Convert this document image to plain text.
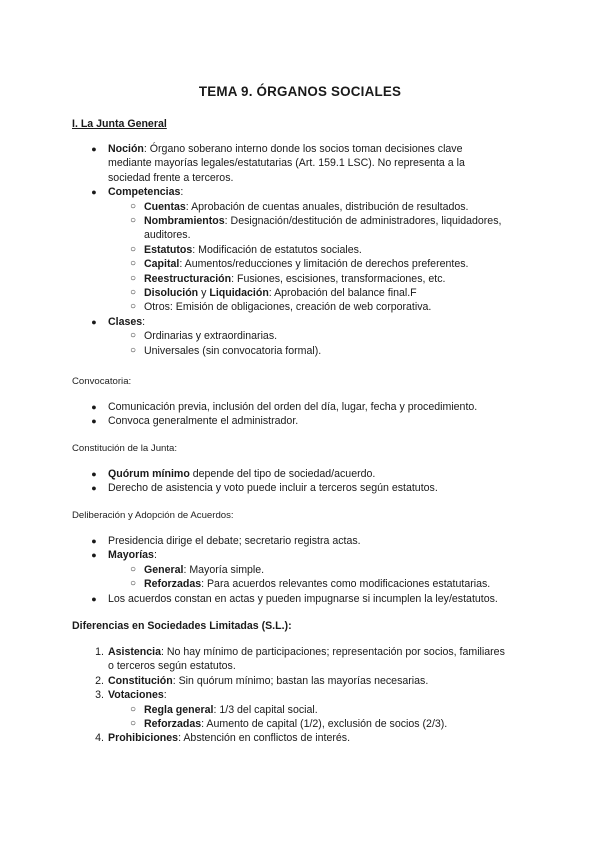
TEMA 9. ÓRGANOS SOCIALES
I. La Junta General
●	Noción: Órgano soberano interno donde los socios toman decisiones clave
mediante mayorías legales/estatutarias (Art. 159.1 LSC). No representa a la
sociedad frente a terceros.
●	Competencias:
○ Cuentas: Aprobación de cuentas anuales, distribución de resultados.
○ Nombramientos: Designación/destitución de administradores, liquidadores,
auditores.
○ Estatutos: Modificación de estatutos sociales.
○ Capital: Aumentos/reducciones y limitación de derechos preferentes.
○ Reestructuración: Fusiones, escisiones, transformaciones, etc.
○ Disolución y Liquidación: Aprobación del balance final.F
○ Otros: Emisión de obligaciones, creación de web corporativa.
●	Clases:
○ Ordinarias y extraordinarias.
○ Universales (sin convocatoria formal).
Convocatoria:
●	Comunicación previa, inclusión del orden del día, lugar, fecha y procedimiento.
●	Convoca generalmente el administrador.
Constitución de la Junta:
●	Quórum mínimo depende del tipo de sociedad/acuerdo.
●	Derecho de asistencia y voto puede incluir a terceros según estatutos.
Deliberación y Adopción de Acuerdos:
●	Presidencia dirige el debate; secretario registra actas.
●	Mayorías:
○ General: Mayoría simple.
○ Reforzadas: Para acuerdos relevantes como modificaciones estatutarias.
●	Los acuerdos constan en actas y pueden impugnarse si incumplen la ley/estatutos.
Diferencias en Sociedades Limitadas (S.L.):
1. Asistencia: No hay mínimo de participaciones; representación por socios, familiares
o terceros según estatutos.
2. Constitución: Sin quórum mínimo; bastan las mayorías necesarias.
3. Votaciones:
○ Regla general: 1/3 del capital social.
○ Reforzadas: Aumento de capital (1/2), exclusión de socios (2/3).
4. Prohibiciones: Abstención en conflictos de interés.
